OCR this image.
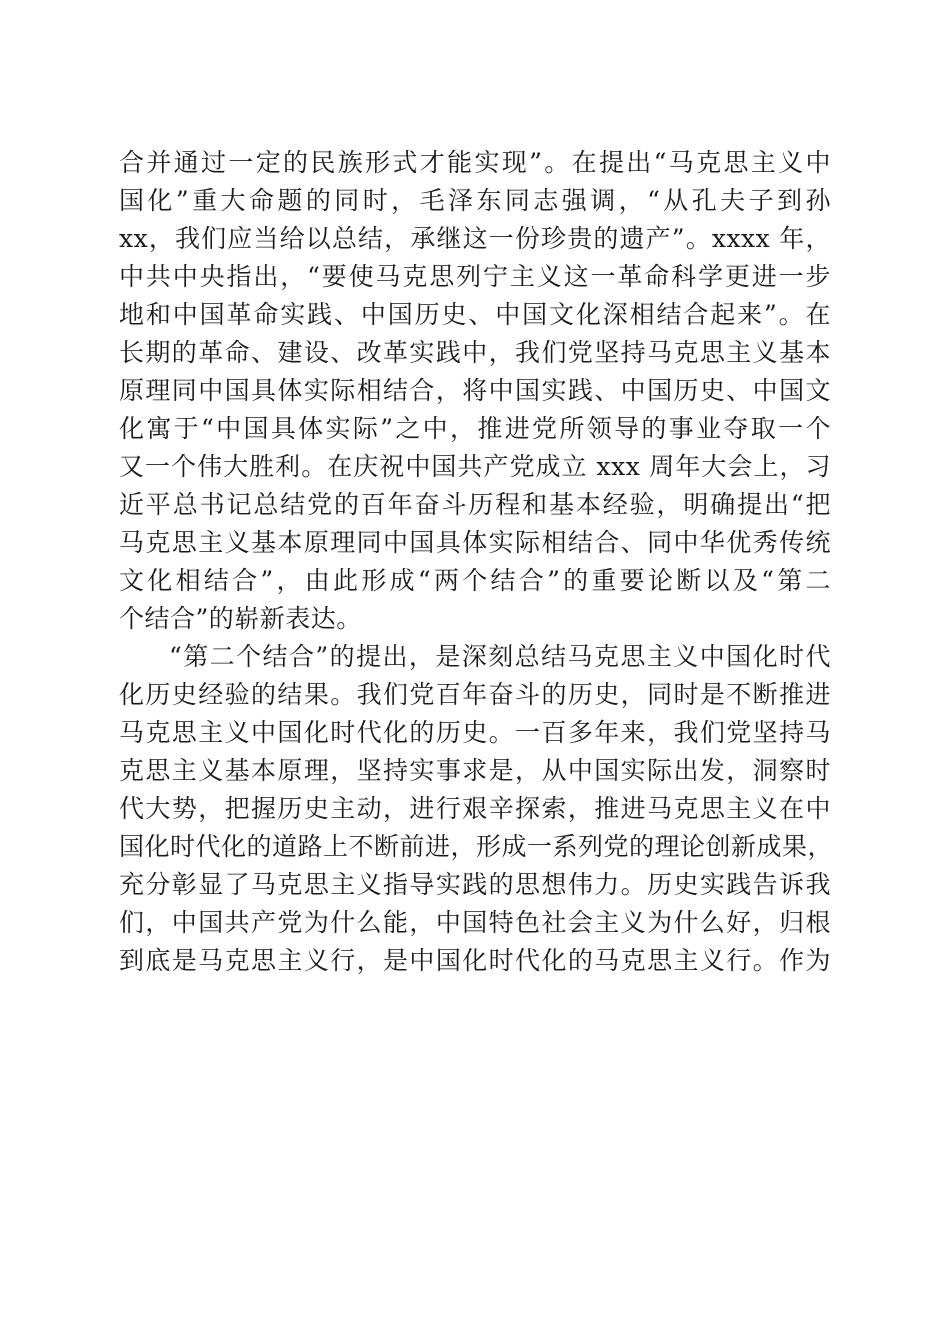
合并通过一定的民族形式才能实现”。在提出“马克思主义中
国化”重大命题的同时，毛泽东同志强调，“从孔夫子到孙
xx，我们应当给以总结，承继这一份珍贵的遗产”。xxxx 年，
中共中央指出，“要使马克思列宁主义这一革命科学更进一步
地和中国革命实践、中国历史、中国文化深相结合起来”。在
长期的革命、建设、改革实践中，我们党坚持马克思主义基本
原理同中国具体实际相结合，将中国实践、中国历史、中国文
化寓于“中国具体实际”之中，推进党所领导的事业夺取一个
又一个伟大胜利。在庆祝中国共产党成立 xxx 周年大会上，习
近平总书记总结党的百年奋斗历程和基本经验，明确提出“把
马克思主义基本原理同中国具体实际相结合、同中华优秀传统
文化相结合”，由此形成“两个结合”的重要论断以及“第二
个结合”的崭新表达。
“第二个结合”的提出，是深刻总结马克思主义中国化时代
化历史经验的结果。我们党百年奋斗的历史，同时是不断推进
马克思主义中国化时代化的历史。一百多年来，我们党坚持马
克思主义基本原理，坚持实事求是，从中国实际出发，洞察时
代大势，把握历史主动，进行艰辛探索，推进马克思主义在中
国化时代化的道路上不断前进，形成一系列党的理论创新成果，
充分彰显了马克思主义指导实践的思想伟力。历史实践告诉我
们，中国共产党为什么能，中国特色社会主义为什么好，归根
到底是马克思主义行，是中国化时代化的马克思主义行。作为
